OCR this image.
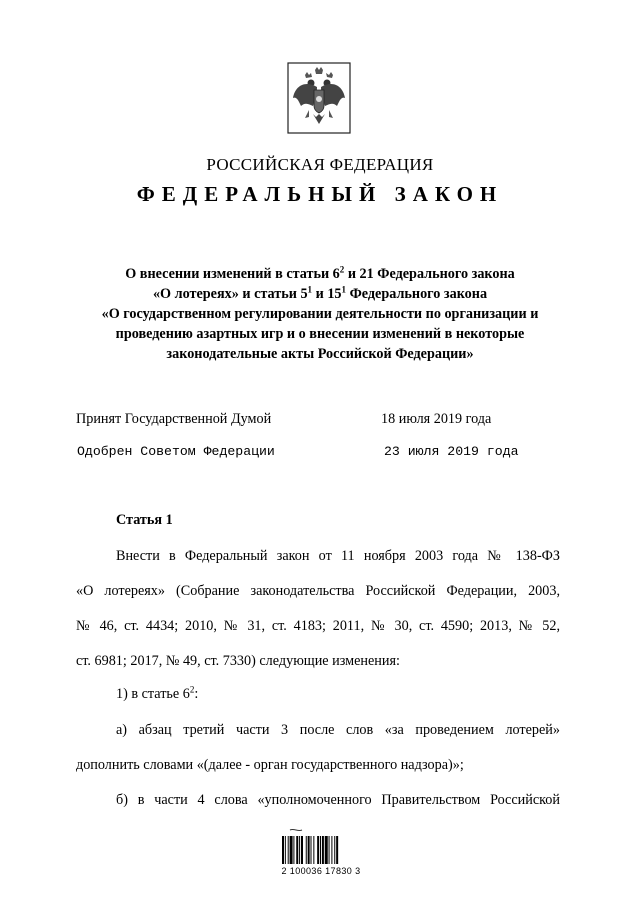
РОССИЙСКАЯ ФЕДЕРАЦИЯ
ФЕДЕРАЛЬНЫЙ ЗАКОН
О внесении изменений в статьи $6^2$ и 21 Федерального закона
«О лотереях» и статьи $5^1$ и $15^1$ Федерального закона
«О государственном регулировании деятельности по организации и
проведению азартных игр и о внесении изменений в некоторые
законодательные акты Российской Федерации»
Принят Государственной Думой	18 июля 2019 года
Одобрен Советом Федерации	23 июля 2019 года
Статья 1
Внести в Федеральный закон от 11 ноября 2003 года № 138-ФЗ
«О лотереях» (Собрание законодательства Российской Федерации, 2003,
№ 46, ст. 4434; 2010, № 31, ст. 4183; 2011, № 30, ст. 4590; 2013, № 52,
ст. 6981; 2017, № 49, ст. 7330) следующие изменения:
1) в статье $6^2$:
а) абзац третий части 3 после слов «за проведением лотерей»
дополнить словами «(далее - орган государственного надзора)»;
б) в части 4 слова «уполномоченного Правительством Российской
2 100036 17830 3
